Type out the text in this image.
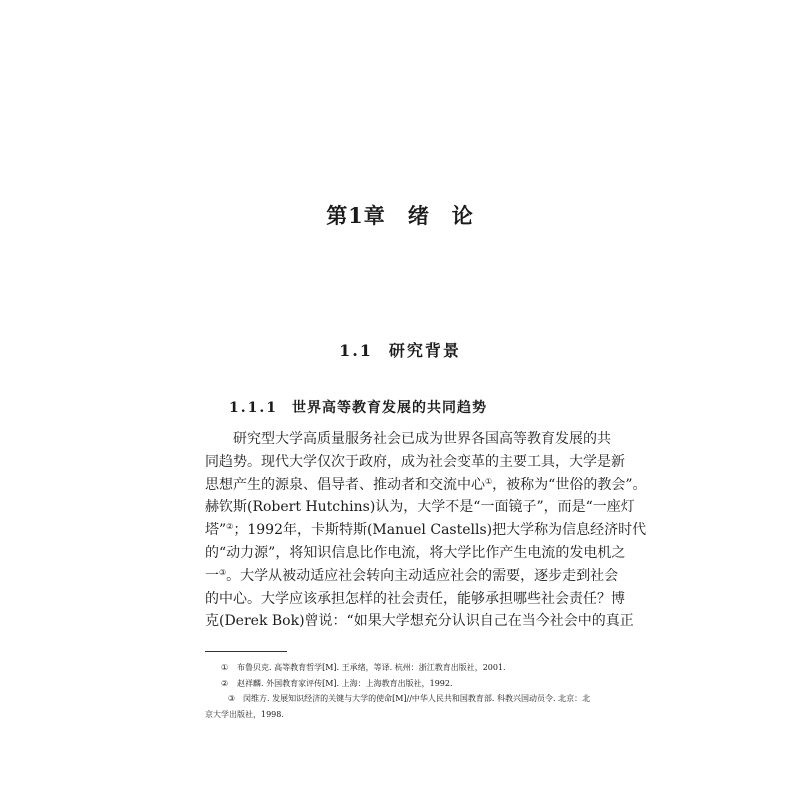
第1章 绪　论
1.1 研究背景
1.1.1 世界高等教育发展的共同趋势

研究型大学高质量服务社会已成为世界各国高等教育发展的共
同趋势。现代大学仅次于政府，成为社会变革的主要工具，大学是新
思想产生的源泉、倡导者、推动者和交流中心①，被称为“世俗的教会”。
赫钦斯(Robert Hutchins)认为，大学不是“一面镜子”，而是“一座灯
塔”②；1992年，卡斯特斯(Manuel Castells)把大学称为信息经济时代
的“动力源”，将知识信息比作电流，将大学比作产生电流的发电机之
一③。大学从被动适应社会转向主动适应社会的需要，逐步走到社会
的中心。大学应该承担怎样的社会责任，能够承担哪些社会责任？博
克(Derek Bok)曾说：“如果大学想充分认识自己在当今社会中的真正

①	布鲁贝克. 高等教育哲学[M]. 王承绪，等译. 杭州：浙江教育出版社，2001.
②	赵祥麟. 外国教育家评传[M]. 上海：上海教育出版社，1992.
③ 闵维方. 发展知识经济的关键与大学的使命[M]//中华人民共和国教育部. 科教兴国动员令. 北京：北京大学出版社，1998.
